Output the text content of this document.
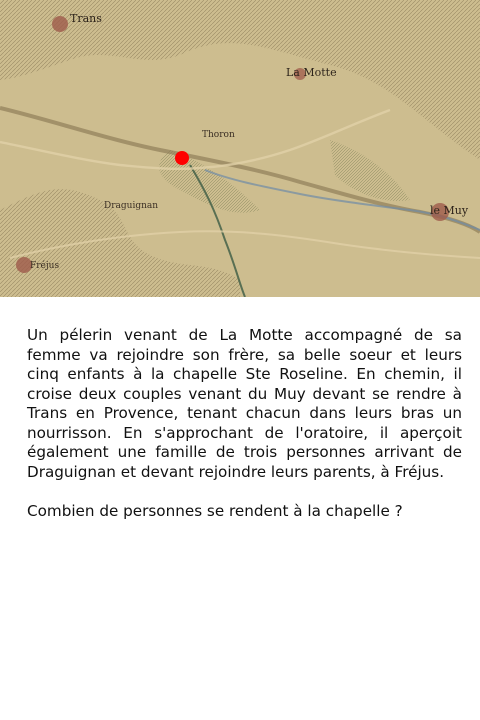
Trans
La Motte
Thoron
le Muy
Draguignan
Fréjus

Un pélerin venant de La Motte accompagné de sa femme va rejoindre son frère, sa belle soeur et leurs cinq enfants à la chapelle Ste Roseline. En chemin, il croise deux couples venant du Muy devant se rendre à Trans en Provence, tenant chacun dans leurs bras un nourrisson. En s'approchant de l'oratoire, il aperçoit également une famille de trois personnes arrivant de Draguignan et devant rejoindre leurs parents, à Fréjus.

Combien de personnes se rendent à la chapelle ?
